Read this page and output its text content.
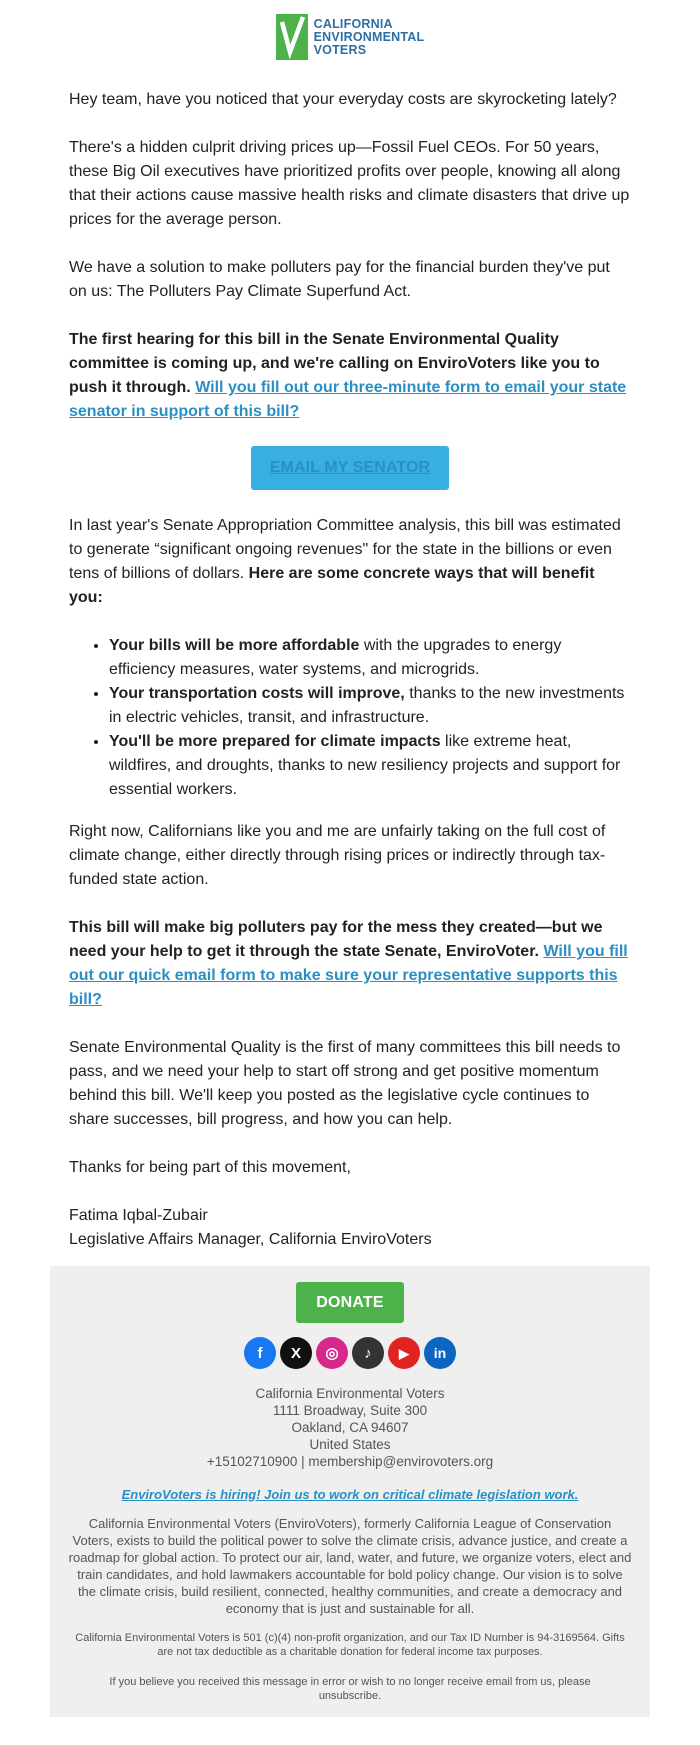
CALIFORNIA
ENVIRONMENTAL
VOTERS

Hey team, have you noticed that your everyday costs are skyrocketing lately?

There's a hidden culprit driving prices up—Fossil Fuel CEOs. For 50 years, these Big Oil executives have prioritized profits over people, knowing all along that their actions cause massive health risks and climate disasters that drive up prices for the average person.

We have a solution to make polluters pay for the financial burden they've put on us: The Polluters Pay Climate Superfund Act.

The first hearing for this bill in the Senate Environmental Quality committee is coming up, and we're calling on EnviroVoters like you to push it through. Will you fill out our three-minute form to email your state senator in support of this bill?

EMAIL MY SENATOR

In last year's Senate Appropriation Committee analysis, this bill was estimated to generate “significant ongoing revenues" for the state in the billions or even tens of billions of dollars. Here are some concrete ways that will benefit you:

• Your bills will be more affordable with the upgrades to energy efficiency measures, water systems, and microgrids.
• Your transportation costs will improve, thanks to the new investments in electric vehicles, transit, and infrastructure.
• You'll be more prepared for climate impacts like extreme heat, wildfires, and droughts, thanks to new resiliency projects and support for essential workers.

Right now, Californians like you and me are unfairly taking on the full cost of climate change, either directly through rising prices or indirectly through tax-funded state action.

This bill will make big polluters pay for the mess they created—but we need your help to get it through the state Senate, EnviroVoter. Will you fill out our quick email form to make sure your representative supports this bill?

Senate Environmental Quality is the first of many committees this bill needs to pass, and we need your help to start off strong and get positive momentum behind this bill. We'll keep you posted as the legislative cycle continues to share successes, bill progress, and how you can help.

Thanks for being part of this movement,

Fatima Iqbal-Zubair
Legislative Affairs Manager, California EnviroVoters

DONATE
f	X	◎	♪	▶	in
California Environmental Voters
1111 Broadway, Suite 300
Oakland, CA 94607
United States
+15102710900 | membership@envirovoters.org
EnviroVoters is hiring! Join us to work on critical climate legislation work.
California Environmental Voters (EnviroVoters), formerly California League of Conservation Voters, exists to build the political power to solve the climate crisis, advance justice, and create a roadmap for global action. To protect our air, land, water, and future, we organize voters, elect and train candidates, and hold lawmakers accountable for bold policy change. Our vision is to solve the climate crisis, build resilient, connected, healthy communities, and create a democracy and economy that is just and sustainable for all.
California Environmental Voters is 501 (c)(4) non-profit organization, and our Tax ID Number is 94-3169564. Gifts are not tax deductible as a charitable donation for federal income tax purposes.
If you believe you received this message in error or wish to no longer receive email from us, please unsubscribe.
